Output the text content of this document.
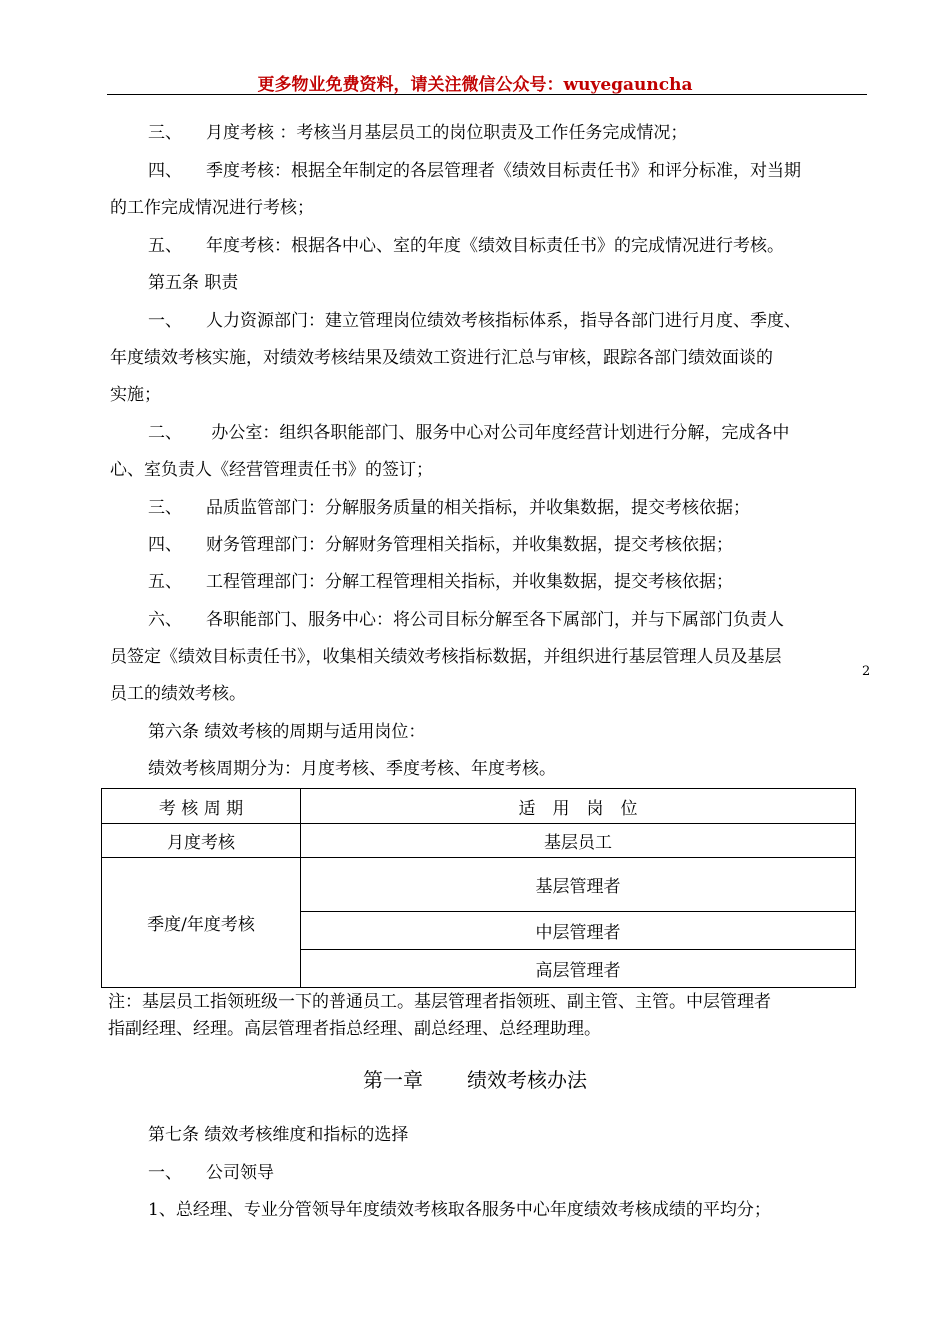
更多物业免费资料，请关注微信公众号：wuyegauncha
三、 月度考核 ：考核当月基层员工的岗位职责及工作任务完成情况；
四、 季度考核：根据全年制定的各层管理者《绩效目标责任书》和评分标准，对当期
的工作完成情况进行考核；
五、 年度考核：根据各中心、室的年度《绩效目标责任书》的完成情况进行考核。
第五条 职责
一、 人力资源部门：建立管理岗位绩效考核指标体系，指导各部门进行月度、季度、
年度绩效考核实施，对绩效考核结果及绩效工资进行汇总与审核，跟踪各部门绩效面谈的
实施；
二、 办公室：组织各职能部门、服务中心对公司年度经营计划进行分解，完成各中
心、室负责人《经营管理责任书》的签订；
三、 品质监管部门：分解服务质量的相关指标，并收集数据，提交考核依据；
四、 财务管理部门：分解财务管理相关指标，并收集数据，提交考核依据；
五、 工程管理部门：分解工程管理相关指标，并收集数据，提交考核依据；
六、 各职能部门、服务中心：将公司目标分解至各下属部门，并与下属部门负责人
员签定《绩效目标责任书》，收集相关绩效考核指标数据，并组织进行基层管理人员及基层
2
员工的绩效考核。
第六条 绩效考核的周期与适用岗位：
绩效考核周期分为：月度考核、季度考核、年度考核。
考 核 周 期	适　用　岗　位
月度考核	基层员工
季度/年度考核	基层管理者
	中层管理者
	高层管理者
注：基层员工指领班级一下的普通员工。基层管理者指领班、副主管、主管。中层管理者
指副经理、经理。高层管理者指总经理、副总经理、总经理助理。
第一章 绩效考核办法
第七条 绩效考核维度和指标的选择
一、 公司领导
1、总经理、专业分管领导年度绩效考核取各服务中心年度绩效考核成绩的平均分；
